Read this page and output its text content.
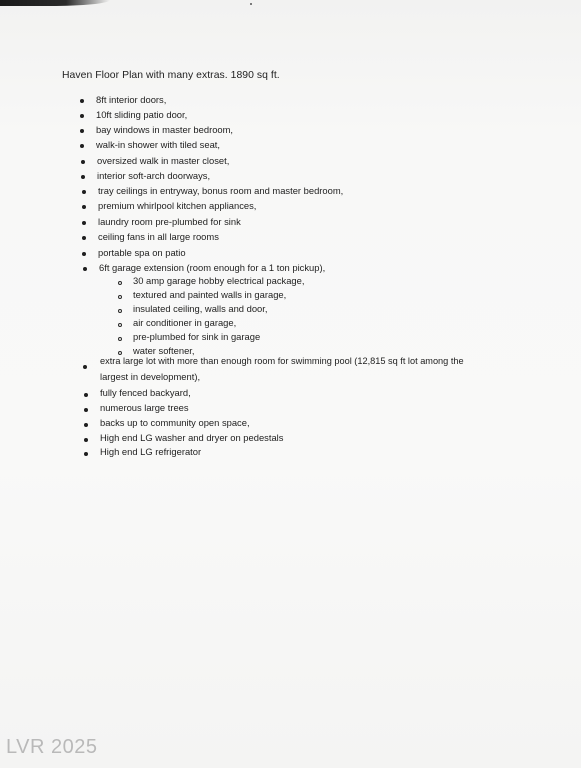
Haven Floor Plan with many extras. 1890 sq ft.
8ft interior doors,
10ft sliding patio door,
bay windows in master bedroom,
walk-in shower with tiled seat,
oversized walk in master closet,
interior soft-arch doorways,
tray ceilings in entryway, bonus room and master bedroom,
premium whirlpool kitchen appliances,
laundry room pre-plumbed for sink
ceiling fans in all large rooms
portable spa on patio
6ft garage extension (room enough for a 1 ton pickup),
30 amp garage hobby electrical package,
textured and painted walls in garage,
insulated ceiling, walls and door,
air conditioner in garage,
pre-plumbed for sink in garage
water softener,
extra large lot with more than enough room for swimming pool (12,815 sq ft lot among the
largest in development),
fully fenced backyard,
numerous large trees
backs up to community open space,
High end LG washer and dryer on pedestals
High end LG refrigerator
LVR 2025
